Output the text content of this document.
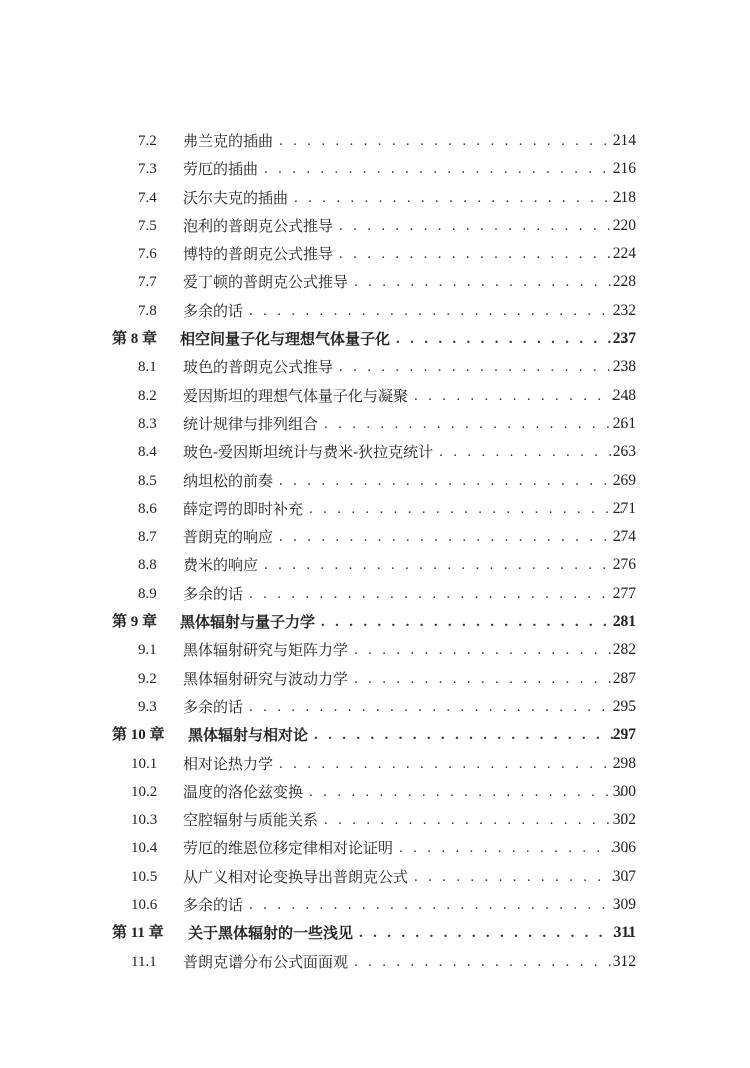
7.2 弗兰克的插曲 . . .	214
7.3 劳厄的插曲 . . .	216
7.4 沃尔夫克的插曲 . . .	218
7.5 泡利的普朗克公式推导 . . .	220
7.6 博特的普朗克公式推导 . . .	224
7.7 爱丁顿的普朗克公式推导 . . .	228
7.8 多余的话 . . .	232
第 8 章 相空间量子化与理想气体量子化 . . .	237
8.1 玻色的普朗克公式推导 . . .	238
8.2 爱因斯坦的理想气体量子化与凝聚 . . .	248
8.3 统计规律与排列组合 . . .	261
8.4 玻色-爱因斯坦统计与费米-狄拉克统计 . . .	263
8.5 纳坦松的前奏 . . .	269
8.6 薛定谔的即时补充 . . .	271
8.7 普朗克的响应 . . .	274
8.8 费米的响应 . . .	276
8.9 多余的话 . . .	277
第 9 章 黑体辐射与量子力学 . . .	281
9.1 黑体辐射研究与矩阵力学 . . .	282
9.2 黑体辐射研究与波动力学 . . .	287
9.3 多余的话 . . .	295
第 10 章 黑体辐射与相对论 . . .	297
10.1 相对论热力学 . . .	298
10.2 温度的洛伦兹变换 . . .	300
10.3 空腔辐射与质能关系 . . .	302
10.4 劳厄的维恩位移定律相对论证明 . . .	306
10.5 从广义相对论变换导出普朗克公式 . . .	307
10.6 多余的话 . . .	309
第 11 章 关于黑体辐射的一些浅见 . . .	311
11.1 普朗克谱分布公式面面观 . . .	312
